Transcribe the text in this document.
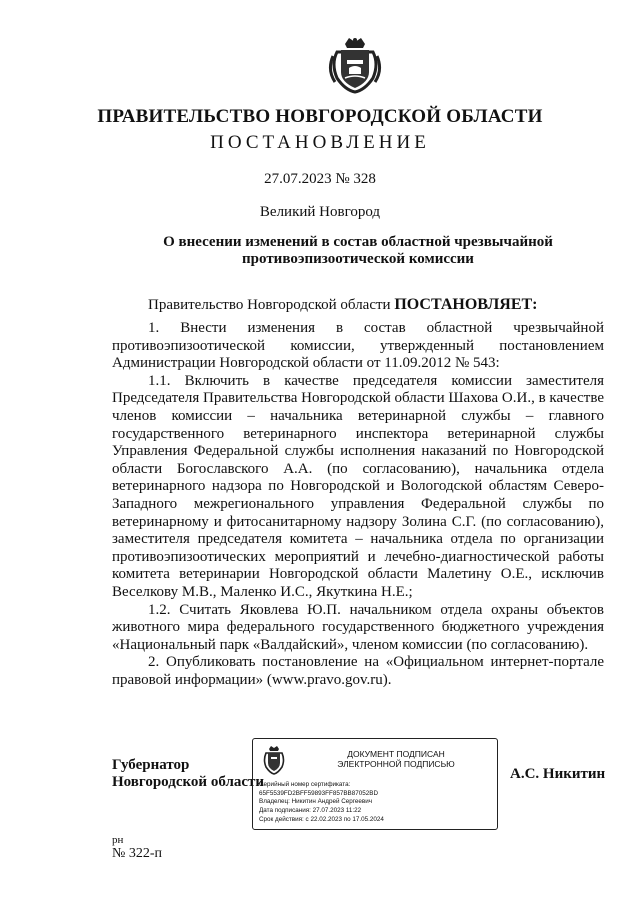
ПРАВИТЕЛЬСТВО НОВГОРОДСКОЙ ОБЛАСТИ
ПОСТАНОВЛЕНИЕ
27.07.2023 № 328
Великий Новгород
О внесении изменений в состав областной чрезвычайной
противоэпизоотической комиссии
Правительство Новгородской области ПОСТАНОВЛЯЕТ:

1. Внести изменения в состав областной чрезвычайной противоэпизоотической комиссии, утвержденный постановлением Администрации Новгородской области от 11.09.2012 № 543:

1.1. Включить в качестве председателя комиссии заместителя Председателя Правительства Новгородской области Шахова О.И., в качестве членов комиссии – начальника ветеринарной службы – главного государственного ветеринарного инспектора ветеринарной службы Управления Федеральной службы исполнения наказаний по Новгородской области Богославского А.А. (по согласованию), начальника отдела ветеринарного надзора по Новгородской и Вологодской областям Северо-Западного межрегионального управления Федеральной службы по ветеринарному и фитосанитарному надзору Золина С.Г. (по согласованию), заместителя председателя комитета – начальника отдела по организации противоэпизоотических мероприятий и лечебно-диагностической работы комитета ветеринарии Новгородской области Малетину О.Е., исключив Веселкову М.В., Маленко И.С., Якуткина Н.Е.;

1.2. Считать Яковлева Ю.П. начальником отдела охраны объектов животного мира федерального государственного бюджетного учреждения «Национальный парк «Валдайский», членом комиссии (по согласованию).

2. Опубликовать постановление на «Официальном интернет-портале правовой информации» (www.pravo.gov.ru).

Губернатор
Новгородской области
ДОКУМЕНТ ПОДПИСАН
ЭЛЕКТРОННОЙ ПОДПИСЬЮ
Серийный номер сертификата:
65F5539FD2BFF59893FF857BB87052BD
Владелец: Никитин Андрей Сергеевич
Дата подписания: 27.07.2023 11:22
Срок действия: с 22.02.2023 по 17.05.2024
А.С. Никитин
рн
№ 322-п
